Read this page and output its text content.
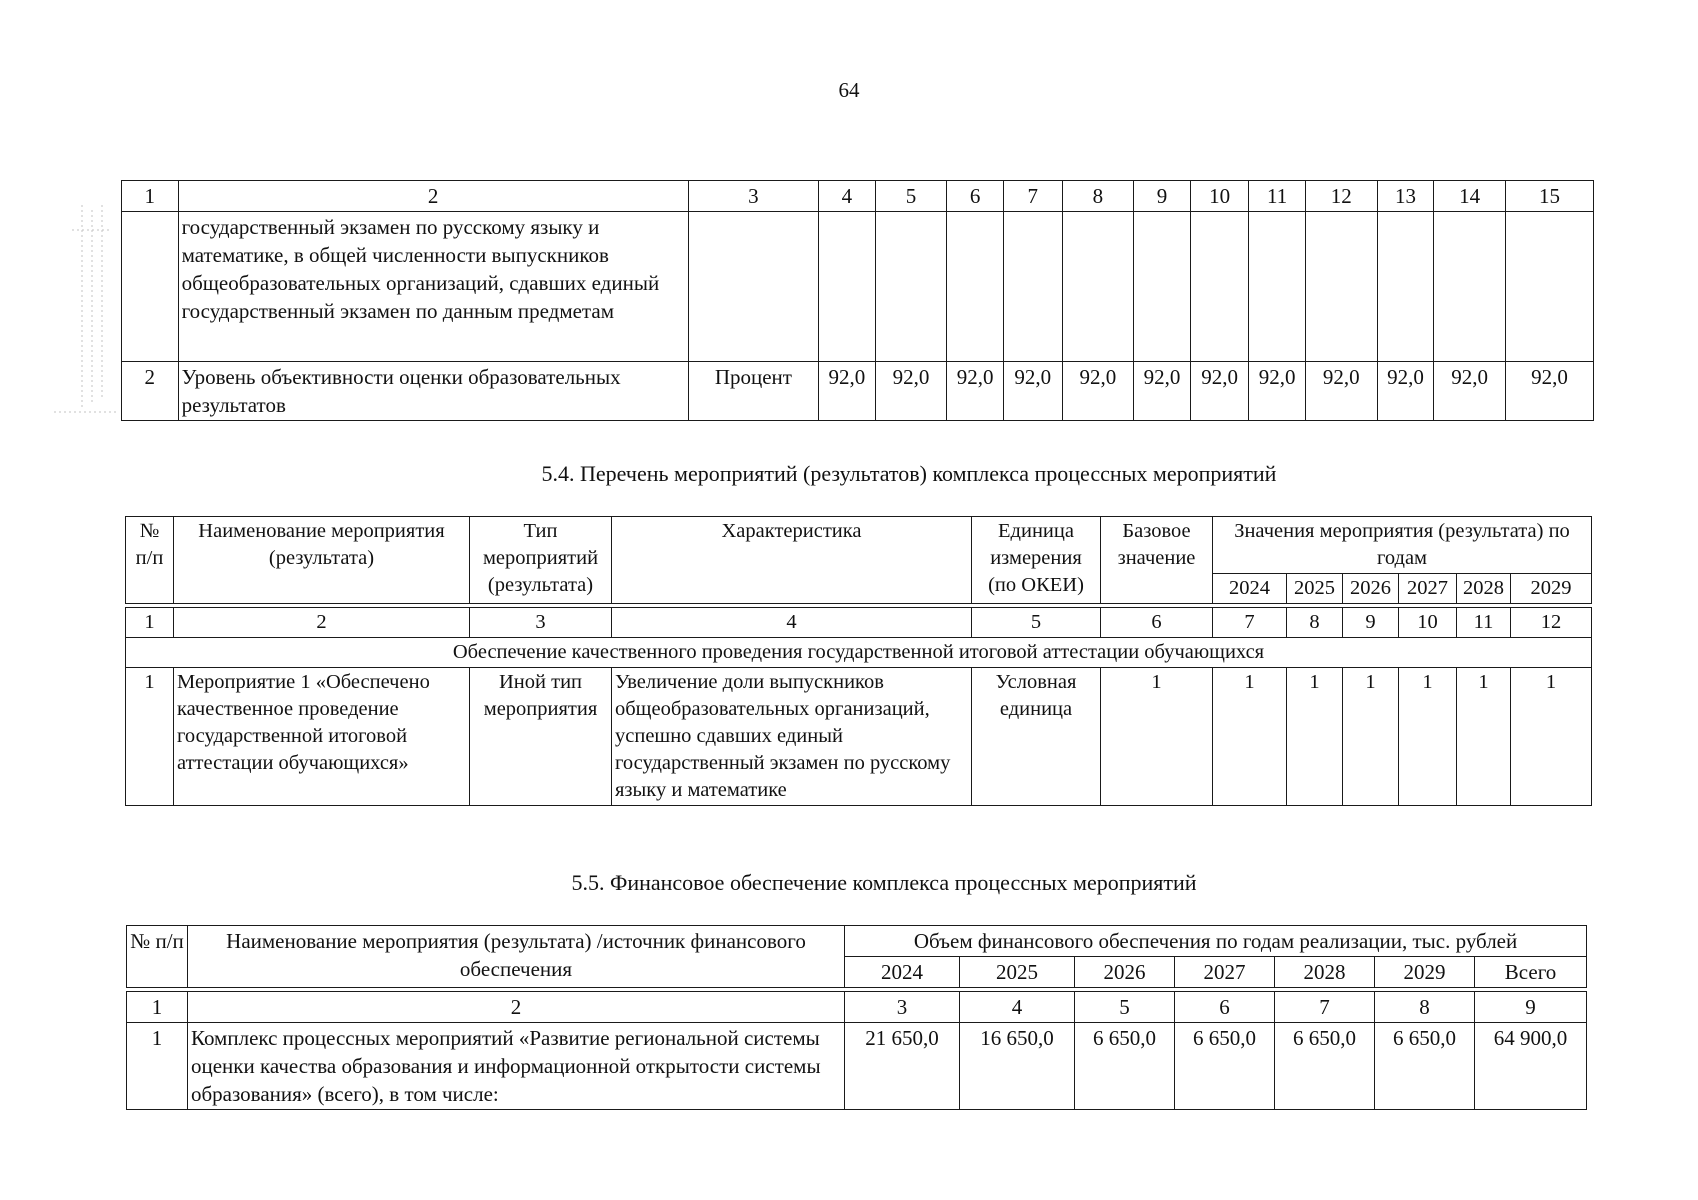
64
1	2	3	4	5	6	7	8	9	10	11	12	13	14	15
	государственный экзамен по русскому языку и математике, в общей численности выпускников общеобразовательных организаций, сдавших единый государственный экзамен по данным предметам													
2	Уровень объективности оценки образовательных результатов	Процент	92,0	92,0	92,0	92,0	92,0	92,0	92,0	92,0	92,0	92,0	92,0	92,0
5.4. Перечень мероприятий (результатов) комплекса процессных мероприятий
№ п/п	Наименование мероприятия (результата)	Тип мероприятий (результата)	Характеристика	Единица измерения (по ОКЕИ)	Базовое значение	Значения мероприятия (результата) по годам					
						2024	2025	2026	2027	2028	2029

1	2	3	4	5	6	7	8	9	10	11	12
Обеспечение качественного проведения государственной итоговой аттестации обучающихся											
1	Мероприятие 1 «Обеспечено качественное проведение государственной итоговой аттестации обучающихся»	Иной тип мероприятия	Увеличение доли выпускников общеобразовательных организаций, успешно сдавших единый государственный экзамен по русскому языку и математике	Условная единица	1	1	1	1	1	1	1
5.5. Финансовое обеспечение комплекса процессных мероприятий
№ п/п	Наименование мероприятия (результата) /источник финансового обеспечения	Объем финансового обеспечения по годам реализации, тыс. рублей						
		2024	2025	2026	2027	2028	2029	Всего

1	2	3	4	5	6	7	8	9
1	Комплекс процессных мероприятий «Развитие региональной системы оценки качества образования и информационной открытости системы образования» (всего), в том числе:	21 650,0	16 650,0	6 650,0	6 650,0	6 650,0	6 650,0	64 900,0
